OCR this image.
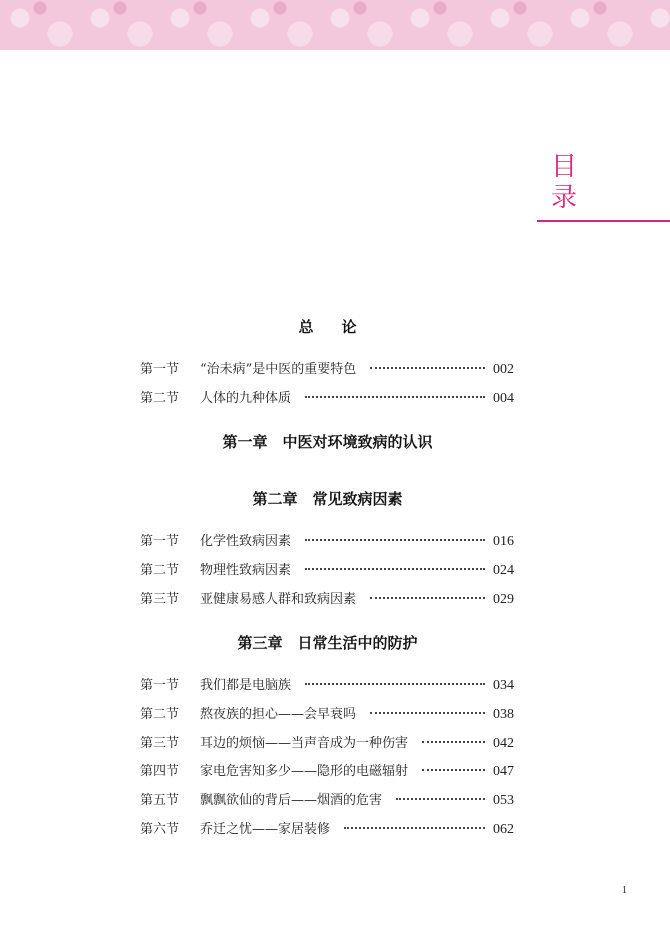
目
录
总论
第一节	“治未病”是中医的重要特色	002
第二节	人体的九种体质	004
第一章　中医对环境致病的认识
第二章　常见致病因素
第一节	化学性致病因素	016
第二节	物理性致病因素	024
第三节	亚健康易感人群和致病因素	029
第三章　日常生活中的防护
第一节	我们都是电脑族	034
第二节	熬夜族的担心——会早衰吗	038
第三节	耳边的烦恼——当声音成为一种伤害	042
第四节	家电危害知多少——隐形的电磁辐射	047
第五节	飘飘欲仙的背后——烟酒的危害	053
第六节	乔迁之忧——家居装修	062
1
